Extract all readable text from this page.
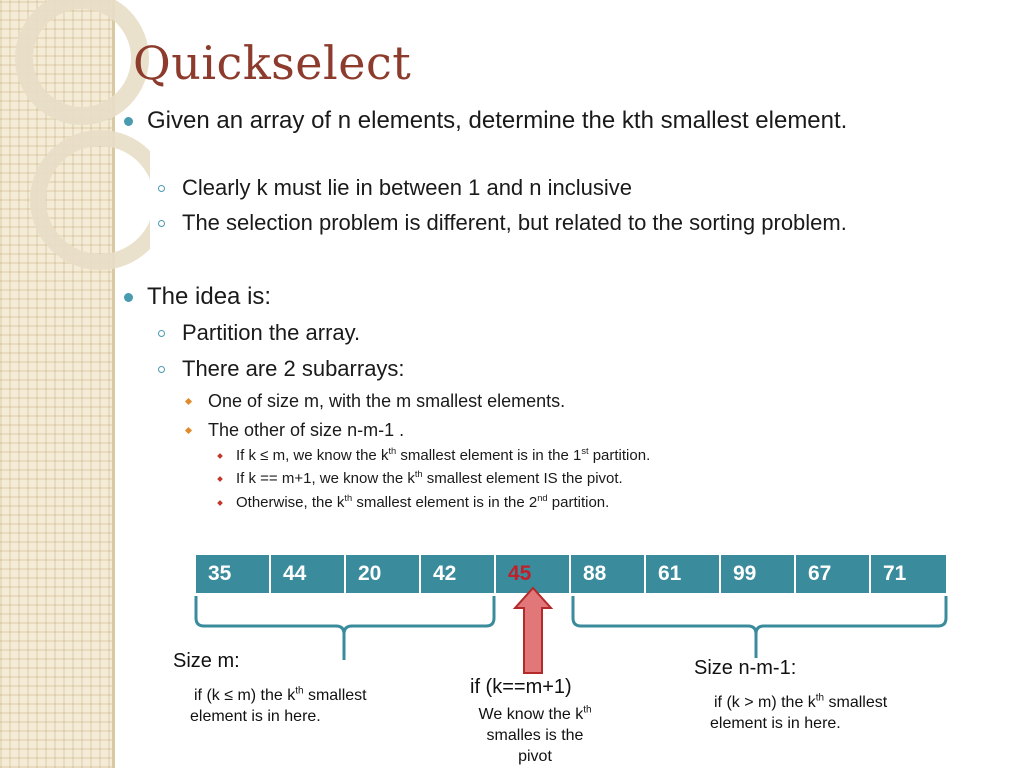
Quickselect
Given an array of n elements, determine the kth smallest element.
Clearly k must lie in between 1 and n inclusive
The selection problem is different, but related to the sorting problem.
The idea is:
Partition the array.
There are 2 subarrays:
One of size m, with the m smallest elements.
The other of size n-m-1 .
If k ≤ m, we know the $k^{th}$ smallest element is in the 1st partition.
If k == m+1, we know the $k^{th}$ smallest element IS the pivot.
Otherwise, the $k^{th}$ smallest element is in the 2nd partition.
35	44	20	42	45	88	61	99	67	71
Size m:
if (k ≤ m) the $k^{th}$ smallest
element is in here.
if (k==m+1)
We know the $k^{th}$
smalles is the
pivot
Size n-m-1:
if (k > m) the $k^{th}$ smallest
element is in here.
